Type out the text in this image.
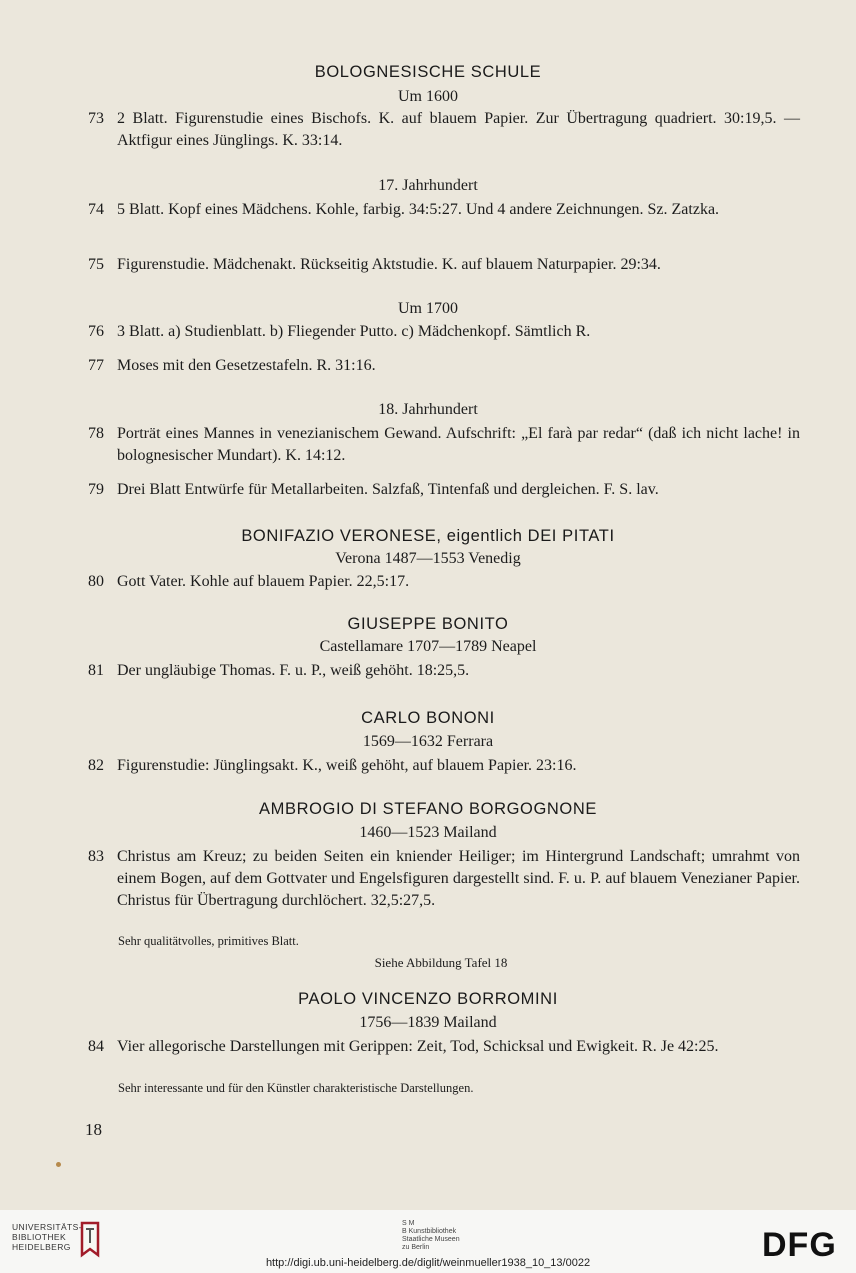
BOLOGNESISCHE SCHULE
Um 1600
73 2 Blatt. Figurenstudie eines Bischofs. K. auf blauem Papier. Zur Übertragung quadriert. 30:19,5. — Aktfigur eines Jünglings. K. 33:14.
17. Jahrhundert
74 5 Blatt. Kopf eines Mädchens. Kohle, farbig. 34:5:27. Und 4 andere Zeichnungen. Sz. Zatzka.
75 Figurenstudie. Mädchenakt. Rückseitig Aktstudie. K. auf blauem Naturpapier. 29:34.
Um 1700
76 3 Blatt. a) Studienblatt. b) Fliegender Putto. c) Mädchenkopf. Sämtlich R.
77 Moses mit den Gesetzestafeln. R. 31:16.
18. Jahrhundert
78 Porträt eines Mannes in venezianischem Gewand. Aufschrift: „El farà par redar“ (daß ich nicht lache! in bolognesischer Mundart). K. 14:12.
79 Drei Blatt Entwürfe für Metallarbeiten. Salzfaß, Tintenfaß und dergleichen. F. S. lav.
BONIFAZIO VERONESE, eigentlich DEI PITATI
Verona 1487—1553 Venedig
80 Gott Vater. Kohle auf blauem Papier. 22,5:17.
GIUSEPPE BONITO
Castellamare 1707—1789 Neapel
81 Der ungläubige Thomas. F. u. P., weiß gehöht. 18:25,5.
CARLO BONONI
1569—1632 Ferrara
82 Figurenstudie: Jünglingsakt. K., weiß gehöht, auf blauem Papier. 23:16.
AMBROGIO DI STEFANO BORGOGNONE
1460—1523 Mailand
83 Christus am Kreuz; zu beiden Seiten ein kniender Heiliger; im Hintergrund Landschaft; umrahmt von einem Bogen, auf dem Gottvater und Engelsfiguren dargestellt sind. F. u. P. auf blauem Venezianer Papier. Christus für Übertragung durchlöchert. 32,5:27,5.
Sehr qualitätvolles, primitives Blatt.
Siehe Abbildung Tafel 18
PAOLO VINCENZO BORROMINI
1756—1839 Mailand
84 Vier allegorische Darstellungen mit Gerippen: Zeit, Tod, Schicksal und Ewigkeit. R. Je 42:25.
Sehr interessante und für den Künstler charakteristische Darstellungen.
18
UNIVERSITÄTS-
BIBLIOTHEK
HEIDELBERG
S M
B Kunstbibliothek
Staatliche Museen
zu Berlin	DFG
http://digi.ub.uni-heidelberg.de/diglit/weinmueller1938_10_13/0022
